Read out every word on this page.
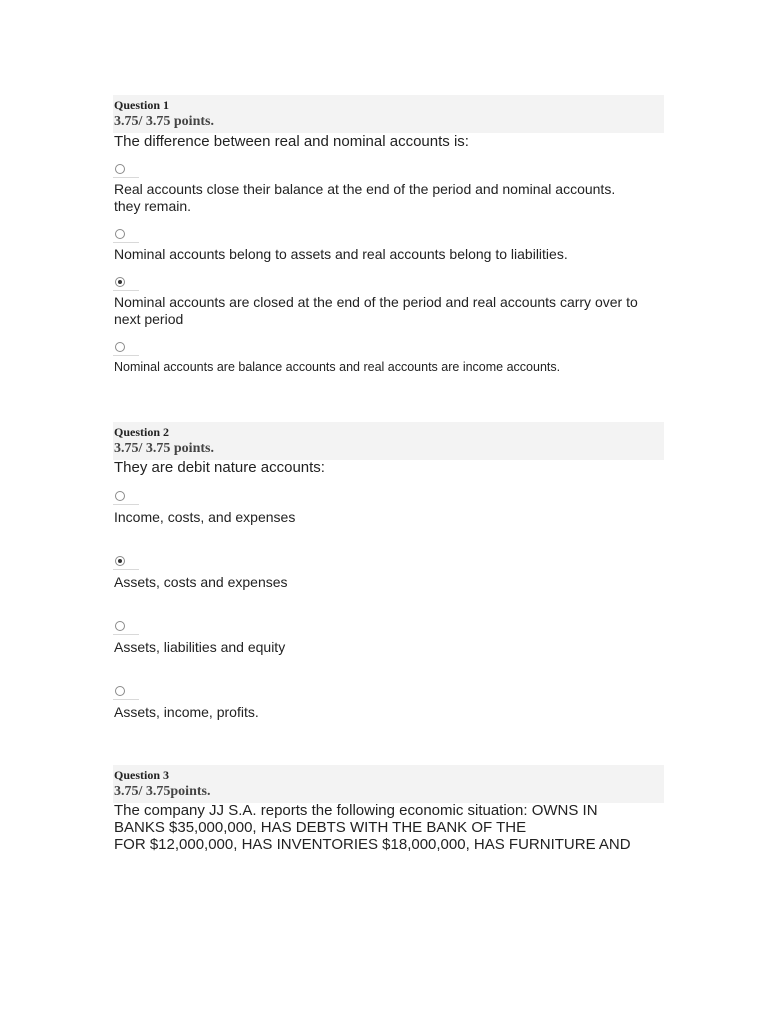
Question 1
3.75/ 3.75 points.
The difference between real and nominal accounts is:
Real accounts close their balance at the end of the period and nominal accounts. they remain.
Nominal accounts belong to assets and real accounts belong to liabilities.
Nominal accounts are closed at the end of the period and real accounts carry over to next period
Nominal accounts are balance accounts and real accounts are income accounts.
Question 2
3.75/ 3.75 points.
They are debit nature accounts:
Income, costs, and expenses
Assets, costs and expenses
Assets, liabilities and equity
Assets, income, profits.
Question 3
3.75/ 3.75points.
The company JJ S.A. reports the following economic situation: OWNS IN
BANKS $35,000,000, HAS DEBTS WITH THE BANK OF THE
FOR $12,000,000, HAS INVENTORIES $18,000,000, HAS FURNITURE AND
